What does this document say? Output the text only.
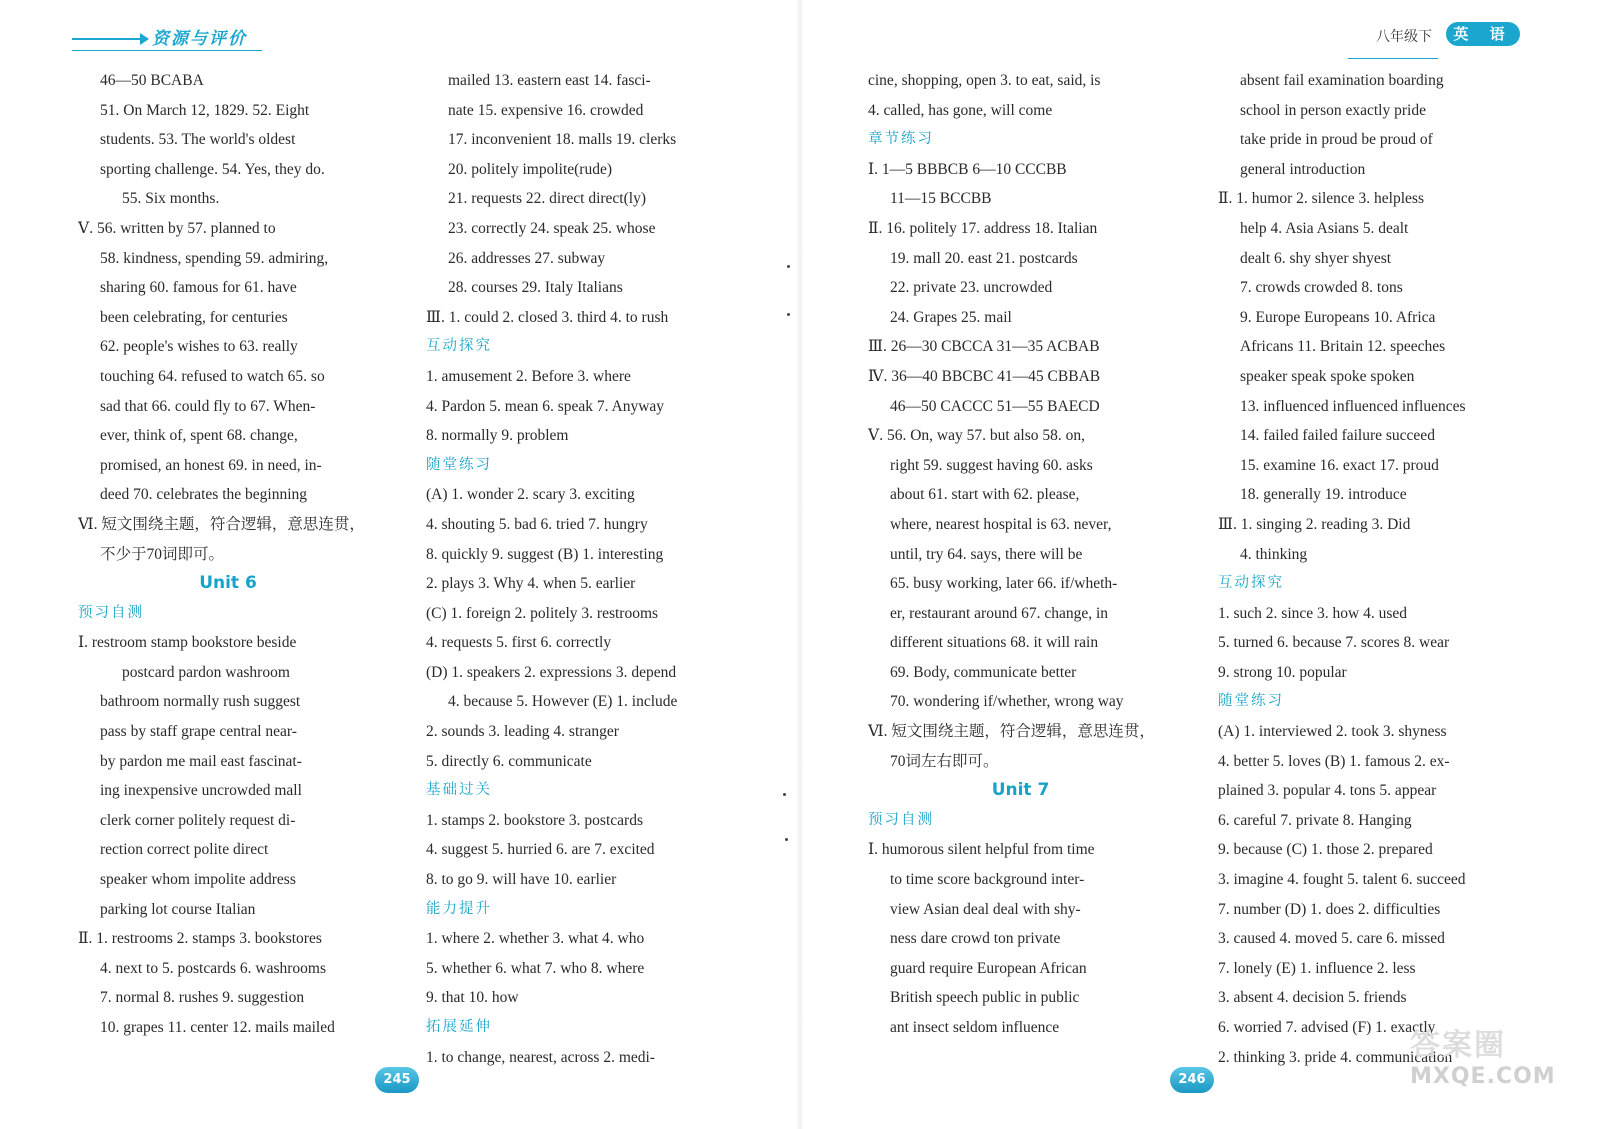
资源与评价
46—50 BCABA
51. On March 12, 1829. 52. Eight
students. 53. The world's oldest
sporting challenge. 54. Yes, they do.
55. Six months.
Ⅴ. 56. written by 57. planned to
58. kindness, spending 59. admiring,
sharing 60. famous for 61. have
been celebrating, for centuries
62. people's wishes to 63. really
touching 64. refused to watch 65. so
sad that 66. could fly to 67. When-
ever, think of, spent 68. change,
promised, an honest 69. in need, in-
deed 70. celebrates the beginning
Ⅵ. 短文围绕主题，符合逻辑，意思连贯，
不少于70词即可。
Unit 6
预习自测
Ⅰ. restroom stamp bookstore beside
postcard pardon washroom
bathroom normally rush suggest
pass by staff grape central near-
by pardon me mail east fascinat-
ing inexpensive uncrowded mall
clerk corner politely request di-
rection correct polite direct
speaker whom impolite address
parking lot course Italian
Ⅱ. 1. restrooms 2. stamps 3. bookstores
4. next to 5. postcards 6. washrooms
7. normal 8. rushes 9. suggestion
10. grapes 11. center 12. mails mailed
mailed 13. eastern east 14. fasci-
nate 15. expensive 16. crowded
17. inconvenient 18. malls 19. clerks
20. politely impolite(rude)
21. requests 22. direct direct(ly)
23. correctly 24. speak 25. whose
26. addresses 27. subway
28. courses 29. Italy Italians
Ⅲ. 1. could 2. closed 3. third 4. to rush
互动探究
1. amusement 2. Before 3. where
4. Pardon 5. mean 6. speak 7. Anyway
8. normally 9. problem
随堂练习
(A) 1. wonder 2. scary 3. exciting
4. shouting 5. bad 6. tried 7. hungry
8. quickly 9. suggest (B) 1. interesting
2. plays 3. Why 4. when 5. earlier
(C) 1. foreign 2. politely 3. restrooms
4. requests 5. first 6. correctly
(D) 1. speakers 2. expressions 3. depend
4. because 5. However (E) 1. include
2. sounds 3. leading 4. stranger
5. directly 6. communicate
基础过关
1. stamps 2. bookstore 3. postcards
4. suggest 5. hurried 6. are 7. excited
8. to go 9. will have 10. earlier
能力提升
1. where 2. whether 3. what 4. who
5. whether 6. what 7. who 8. where
9. that 10. how
拓展延伸
1. to change, nearest, across 2. medi-
245
八年级下	英 语
cine, shopping, open 3. to eat, said, is
4. called, has gone, will come
章节练习
Ⅰ. 1—5 BBBCB 6—10 CCCBB
11—15 BCCBB
Ⅱ. 16. politely 17. address 18. Italian
19. mall 20. east 21. postcards
22. private 23. uncrowded
24. Grapes 25. mail
Ⅲ. 26—30 CBCCA 31—35 ACBAB
Ⅳ. 36—40 BBCBC 41—45 CBBAB
46—50 CACCC 51—55 BAECD
Ⅴ. 56. On, way 57. but also 58. on,
right 59. suggest having 60. asks
about 61. start with 62. please,
where, nearest hospital is 63. never,
until, try 64. says, there will be
65. busy working, later 66. if/wheth-
er, restaurant around 67. change, in
different situations 68. it will rain
69. Body, communicate better
70. wondering if/whether, wrong way
Ⅵ. 短文围绕主题，符合逻辑，意思连贯，
70词左右即可。
Unit 7
预习自测
Ⅰ. humorous silent helpful from time
to time score background inter-
view Asian deal deal with shy-
ness dare crowd ton private
guard require European African
British speech public in public
ant insect seldom influence
absent fail examination boarding
school in person exactly pride
take pride in proud be proud of
general introduction
Ⅱ. 1. humor 2. silence 3. helpless
help 4. Asia Asians 5. dealt
dealt 6. shy shyer shyest
7. crowds crowded 8. tons
9. Europe Europeans 10. Africa
Africans 11. Britain 12. speeches
speaker speak spoke spoken
13. influenced influenced influences
14. failed failed failure succeed
15. examine 16. exact 17. proud
18. generally 19. introduce
Ⅲ. 1. singing 2. reading 3. Did
4. thinking
互动探究
1. such 2. since 3. how 4. used
5. turned 6. because 7. scores 8. wear
9. strong 10. popular
随堂练习
(A) 1. interviewed 2. took 3. shyness
4. better 5. loves (B) 1. famous 2. ex-
plained 3. popular 4. tons 5. appear
6. careful 7. private 8. Hanging
9. because (C) 1. those 2. prepared
3. imagine 4. fought 5. talent 6. succeed
7. number (D) 1. does 2. difficulties
3. caused 4. moved 5. care 6. missed
7. lonely (E) 1. influence 2. less
3. absent 4. decision 5. friends
6. worried 7. advised (F) 1. exactly
2. thinking 3. pride 4. communication
246
答案圈
MXQE.COM
